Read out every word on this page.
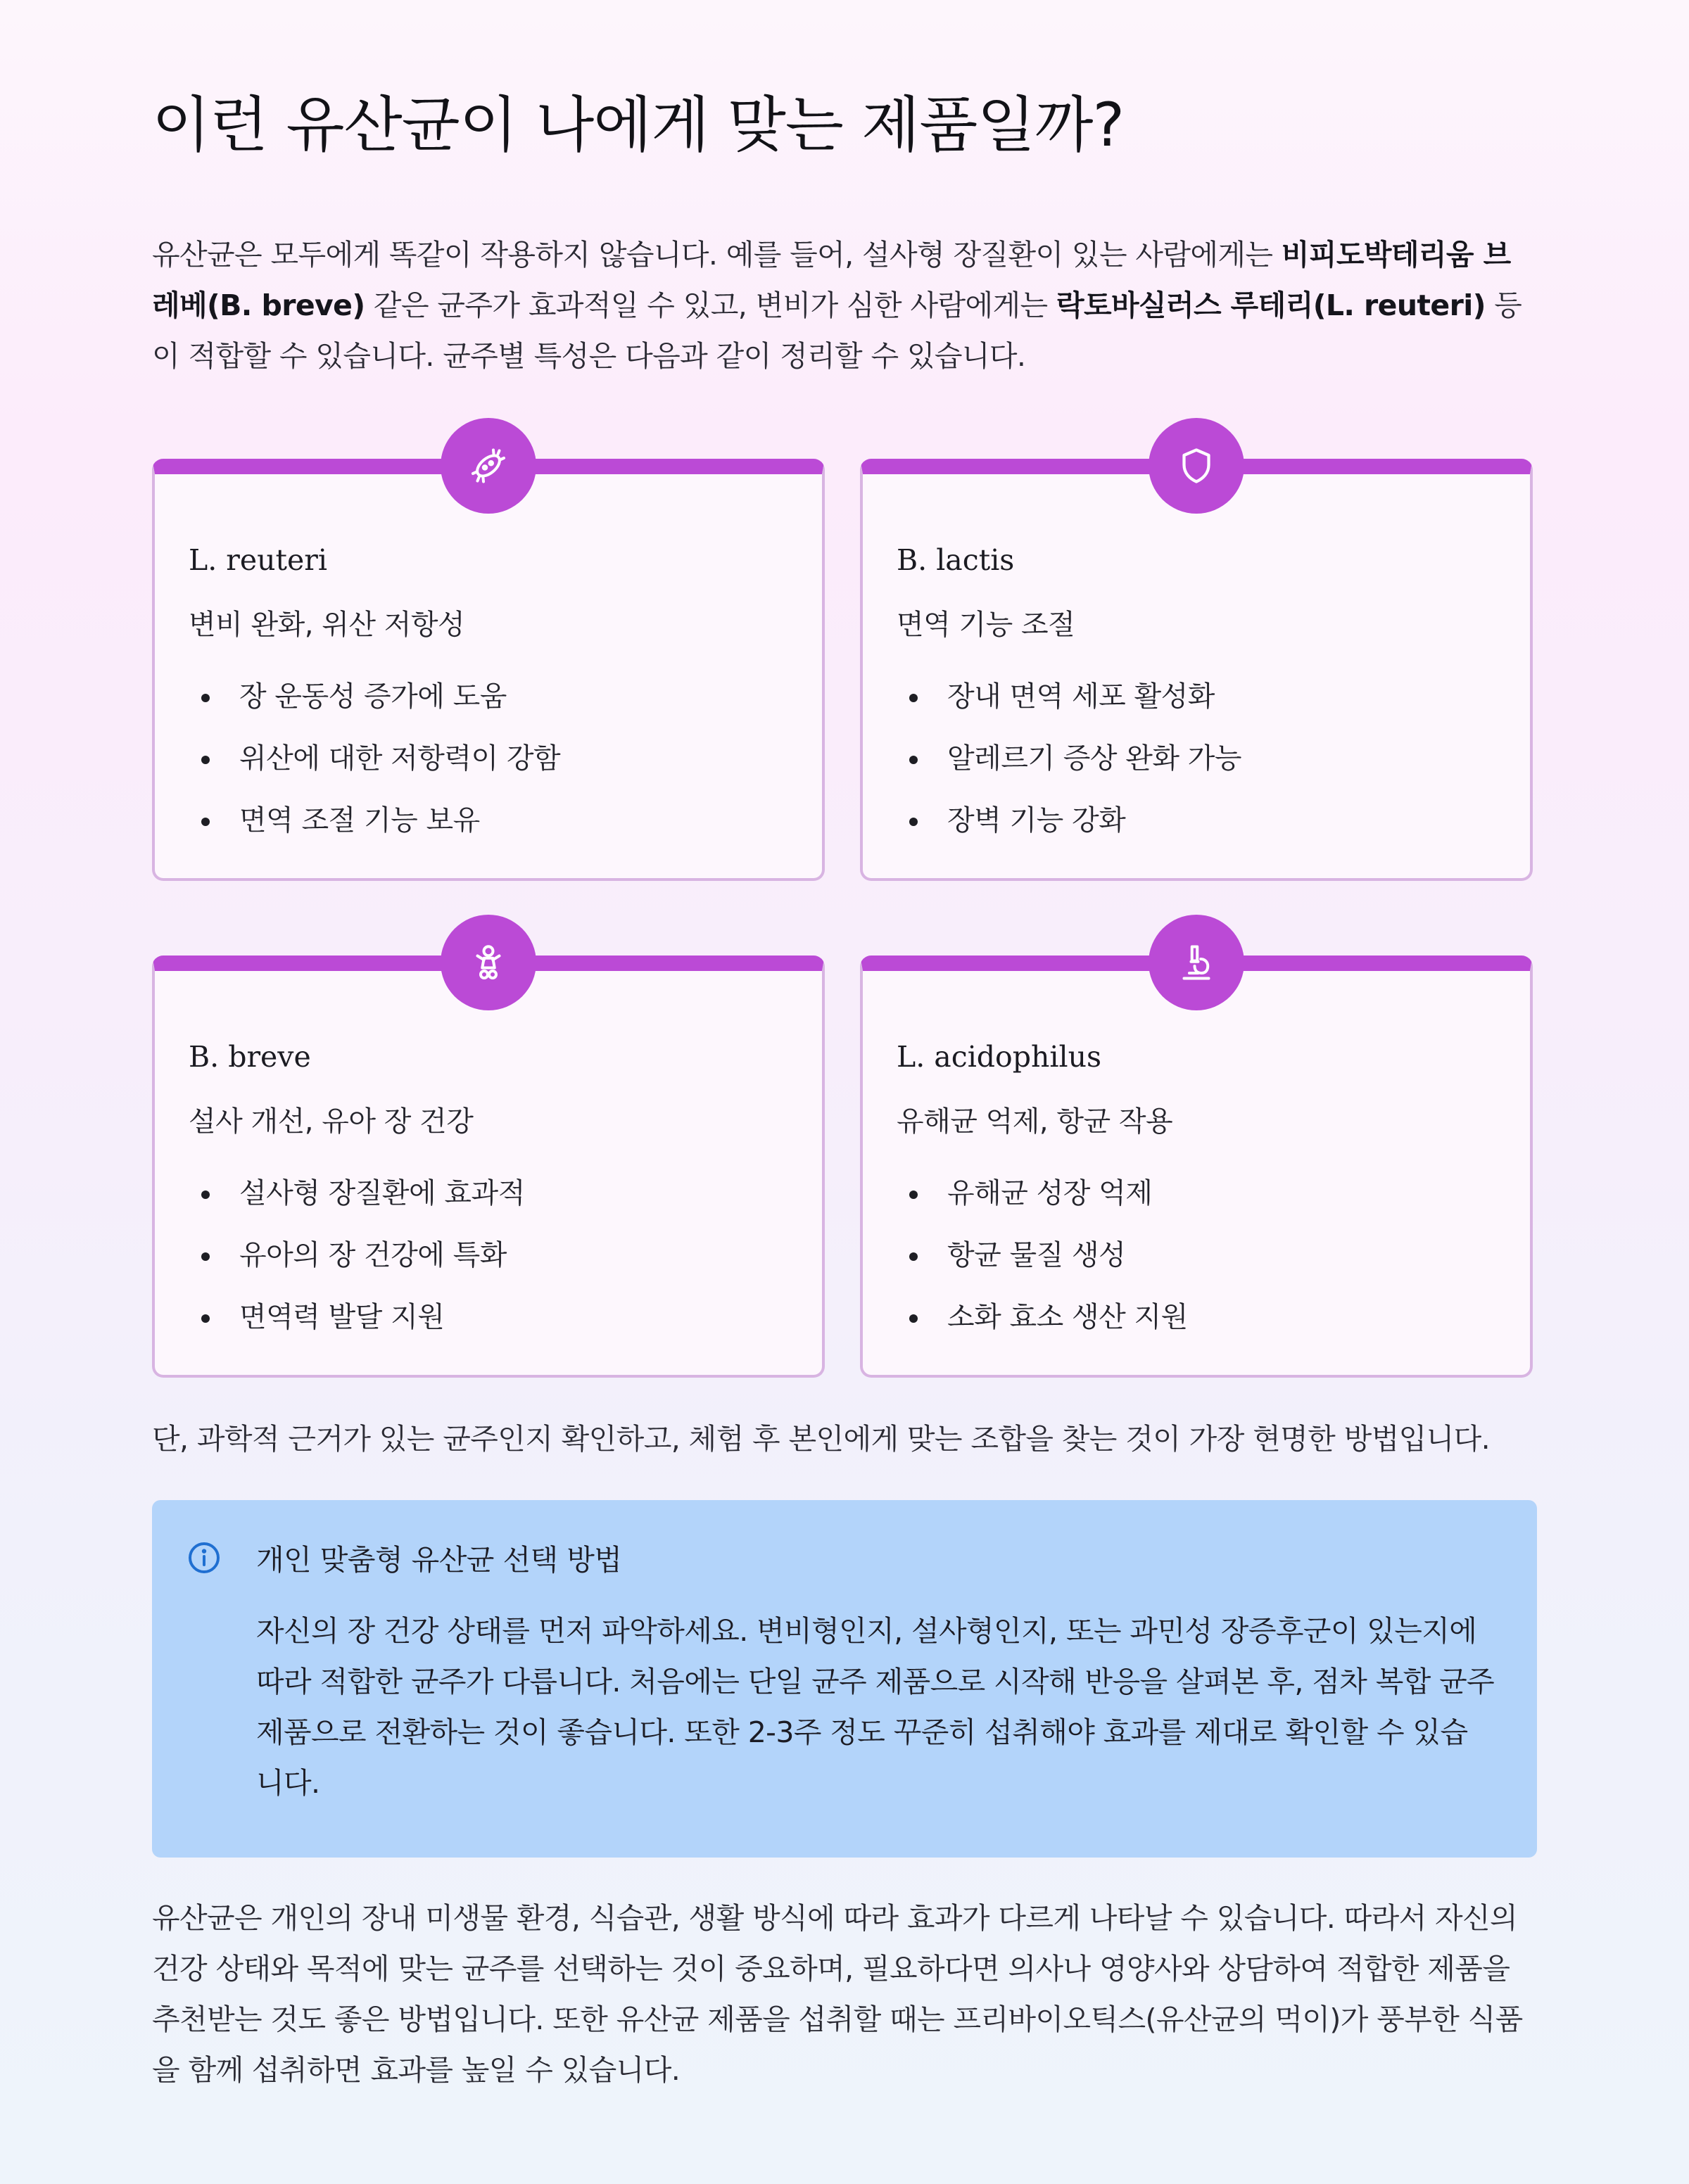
이런 유산균이 나에게 맞는 제품일까?

유산균은 모두에게 똑같이 작용하지 않습니다. 예를 들어, 설사형 장질환이 있는 사람에게는 비피도박테리움 브레베(B. breve) 같은 균주가 효과적일 수 있고, 변비가 심한 사람에게는 락토바실러스 루테리(L. reuteri) 등이 적합할 수 있습니다. 균주별 특성은 다음과 같이 정리할 수 있습니다.

L. reuteri

변비 완화, 위산 저항성

장 운동성 증가에 도움
위산에 대한 저항력이 강함
면역 조절 기능 보유

B. lactis

면역 기능 조절

장내 면역 세포 활성화
알레르기 증상 완화 가능
장벽 기능 강화

B. breve

설사 개선, 유아 장 건강

설사형 장질환에 효과적
유아의 장 건강에 특화
면역력 발달 지원

L. acidophilus

유해균 억제, 항균 작용

유해균 성장 억제
항균 물질 생성
소화 효소 생산 지원

단, 과학적 근거가 있는 균주인지 확인하고, 체험 후 본인에게 맞는 조합을 찾는 것이 가장 현명한 방법입니다.

개인 맞춤형 유산균 선택 방법

자신의 장 건강 상태를 먼저 파악하세요. 변비형인지, 설사형인지, 또는 과민성 장증후군이 있는지에 따라 적합한 균주가 다릅니다. 처음에는 단일 균주 제품으로 시작해 반응을 살펴본 후, 점차 복합 균주 제품으로 전환하는 것이 좋습니다. 또한 2-3주 정도 꾸준히 섭취해야 효과를 제대로 확인할 수 있습니다.

유산균은 개인의 장내 미생물 환경, 식습관, 생활 방식에 따라 효과가 다르게 나타날 수 있습니다. 따라서 자신의 건강 상태와 목적에 맞는 균주를 선택하는 것이 중요하며, 필요하다면 의사나 영양사와 상담하여 적합한 제품을 추천받는 것도 좋은 방법입니다. 또한 유산균 제품을 섭취할 때는 프리바이오틱스(유산균의 먹이)가 풍부한 식품을 함께 섭취하면 효과를 높일 수 있습니다.
